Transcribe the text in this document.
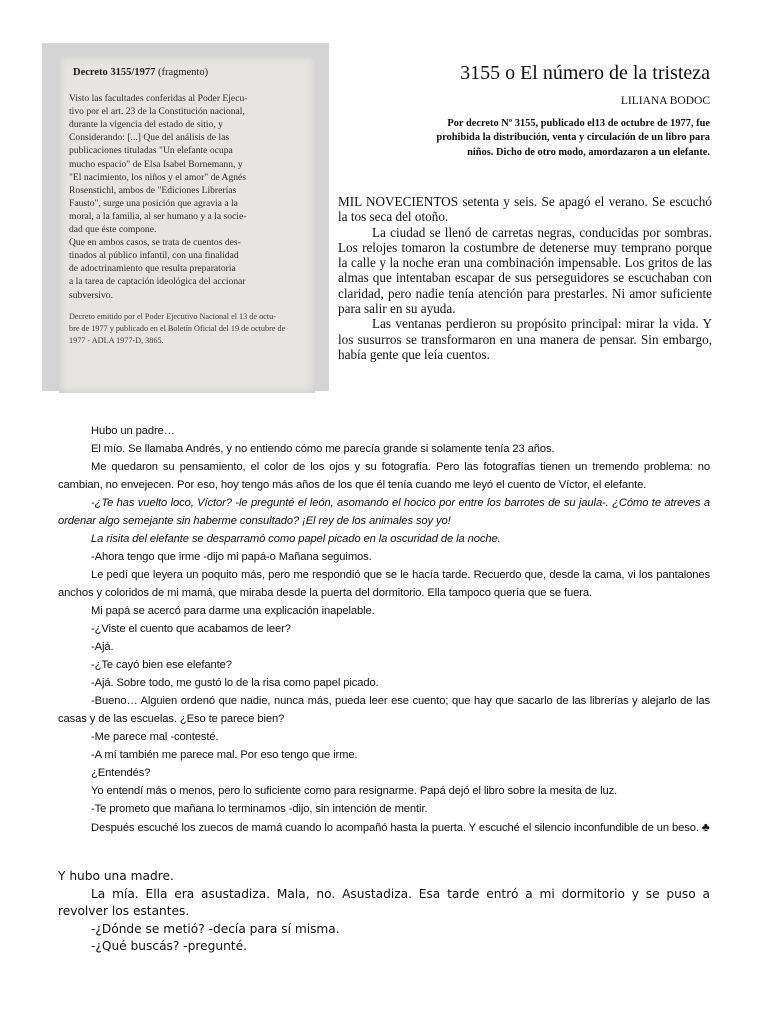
Decreto 3155/1977 (fragmento)

Visto las facultades conferidas al Poder Ejecu-

tivo por el art. 23 de la Constitución nacional,

durante la vigencia del estado de sitio, y

Considerando: [...] Que del análisis de las

publicaciones tituladas "Un elefante ocupa

mucho espacio" de Elsa Isabel Bornemann, y

"El nacimiento, los niños y el amor" de Agnés

Rosenstichl, ambos de "Ediciones Librerías

Fausto", surge una posición que agravia a la

moral, a la familia, al ser humano y a la socie-

dad que éste compone.

Que en ambos casos, se trata de cuentos des-

tinados al público infantil, con una finalidad

de adoctrinamiento que resulta preparatoria

a la tarea de captación ideológica del accionar

subversivo.

Decreto emitido por el Poder Ejecutivo Nacional el 13 de octu-

bre de 1977 y publicado en el Boletín Oficial del 19 de octubre de

1977 - ADLA 1977-D, 3865.

3155 o El número de la tristeza

LILIANA BODOC

Por decreto Nº 3155, publicado el13 de octubre de 1977, fue
prohibida la distribución, venta y circulación de un libro para
niños. Dicho de otro modo, amordazaron a un elefante.

MIL NOVECIENTOS setenta y seis. Se apagó el verano. Se escuchó la tos seca del otoño.

La ciudad se llenó de carretas negras, conducidas por sombras. Los relojes tomaron la costumbre de detenerse muy temprano porque la calle y la noche eran una combinación impensable. Los gritos de las almas que intentaban escapar de sus perseguidores se escuchaban con claridad, pero nadie tenía atención para prestarles. Ni amor suficiente para salir en su ayuda.

Las ventanas perdieron su propósito principal: mirar la vida. Y los susurros se transformaron en una manera de pensar. Sin embargo, había gente que leía cuentos.

Hubo un padre…

El mío. Se llamaba Andrés, y no entiendo cómo me parecía grande si solamente tenía 23 años.

Me quedaron su pensamiento, el color de los ojos y su fotografía. Pero las fotografías tienen un tremendo problema: no cambian, no envejecen. Por eso, hoy tengo más años de los que él tenía cuando me leyó el cuento de Víctor, el elefante.

-¿Te has vuelto loco, Víctor? -le pregunté el león, asomando el hocico por entre los barrotes de su jaula-. ¿Cómo te atreves a ordenar algo semejante sin haberme consultado? ¡El rey de los animales soy yo!

La risita del elefante se desparramó como papel picado en la oscuridad de la noche.

-Ahora tengo que irme -dijo mi papá-o Mañana seguimos.

Le pedí que leyera un poquito más, pero me respondió que se le hacía tarde. Recuerdo que, desde la cama, vi los pantalones anchos y coloridos de mi mamá, que miraba desde la puerta del dormitorio. Ella tampoco quería que se fuera.

Mi papá se acercó para darme una explicación inapelable.

-¿Viste el cuento que acabamos de leer?

-Ajá.

-¿Te cayó bien ese elefante?

-Ajá. Sobre todo, me gustó lo de la risa como papel picado.

-Bueno… Alguien ordenó que nadie, nunca más, pueda leer ese cuento; que hay que sacarlo de las librerías y alejarlo de las casas y de las escuelas. ¿Eso te parece bien?

-Me parece mal -contesté.

-A mí también me parece mal. Por eso tengo que irme.

¿Entendés?

Yo entendí más o menos, pero lo suficiente como para resignarme. Papá dejó el libro sobre la mesita de luz.

-Te prometo que mañana lo terminamos -dijo, sin intención de mentir.

Después escuché los zuecos de mamá cuando lo acompañó hasta la puerta. Y escuché el silencio inconfundible de un beso. ♣

Y hubo una madre.

La mía. Ella era asustadiza. Mala, no. Asustadiza. Esa tarde entró a mi dormitorio y se puso a revolver los estantes.

-¿Dónde se metió? -decía para sí misma.

-¿Qué buscás? -pregunté.
